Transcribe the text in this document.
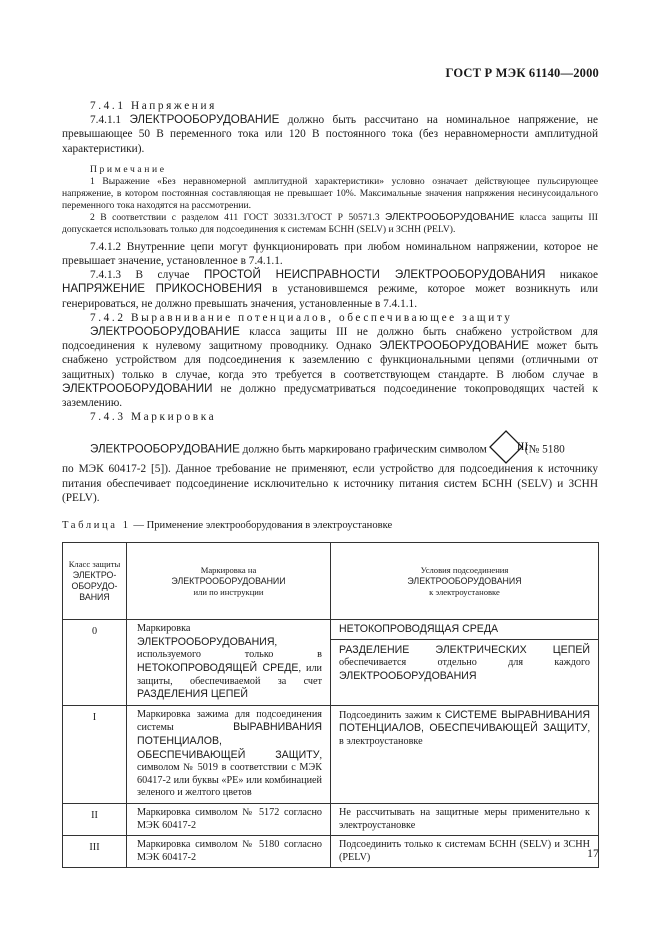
ГОСТ Р МЭК 61140—2000

7.4.1 Напряжения

7.4.1.1 ЭЛЕКТРООБОРУДОВАНИЕ должно быть рассчитано на номинальное напряжение, не превышающее 50 В переменного тока или 120 В постоянного тока (без неравномерности амплитудной характеристики).

Примечание

1 Выражение «Без неравномерной амплитудной характеристики» условно означает действующее пульсирующее напряжение, в котором постоянная составляющая не превышает 10%. Максимальные значения напряжения несинусоидального переменного тока находятся на рассмотрении.

2 В соответствии с разделом 411 ГОСТ 30331.3/ГОСТ Р 50571.3 ЭЛЕКТРООБОРУДОВАНИЕ класса защиты III допускается использовать только для подсоединения к системам БСНН (SELV) и ЗСНН (PELV).

7.4.1.2 Внутренние цепи могут функционировать при любом номинальном напряжении, которое не превышает значение, установленное в 7.4.1.1.

7.4.1.3 В случае ПРОСТОЙ НЕИСПРАВНОСТИ ЭЛЕКТРООБОРУДОВАНИЯ никакое НАПРЯЖЕНИЕ ПРИКОСНОВЕНИЯ в установившемся режиме, которое может возникнуть или генерироваться, не должно превышать значения, установленные в 7.4.1.1.

7.4.2 Выравнивание потенциалов, обеспечивающее защиту

ЭЛЕКТРООБОРУДОВАНИЕ класса защиты III не должно быть снабжено устройством для подсоединения к нулевому защитному проводнику. Однако ЭЛЕКТРООБОРУДОВАНИЕ может быть снабжено устройством для подсоединения к заземлению с функциональными цепями (отличными от защитных) только в случае, когда это требуется в соответствующем стандарте. В любом случае в ЭЛЕКТРООБОРУДОВАНИИ не должно предусматриваться подсоединение токопроводящих частей к заземлению.

7.4.3 Маркировка

ЭЛЕКТРООБОРУДОВАНИЕ должно быть маркировано графическим символом	III
(№ 5180

по МЭК 60417-2 [5]). Данное требование не применяют, если устройство для подсоединения к источнику питания обеспечивает подсоединение исключительно к источнику питания систем БСНН (SELV) и ЗСНН (PELV).

Таблица 1 — Применение электрооборудования в электроустановке

Класс защиты ЭЛЕКТРО-ОБОРУДО-ВАНИЯ	Маркировка на
ЭЛЕКТРООБОРУДОВАНИИ
или по инструкции	Условия подсоединения
ЭЛЕКТРООБОРУДОВАНИЯ
к электроустановке
0	Маркировка ЭЛЕКТРООБОРУДОВАНИЯ, используемого только в НЕТОКОПРОВОДЯЩЕЙ СРЕДЕ, или защиты, обеспечиваемой за счет РАЗДЕЛЕНИЯ ЦЕПЕЙ	НЕТОКОПРОВОДЯЩАЯ СРЕДА
РАЗДЕЛЕНИЕ ЭЛЕКТРИЧЕСКИХ ЦЕПЕЙ обеспечивается отдельно для каждого ЭЛЕКТРООБОРУДОВАНИЯ

I	Маркировка зажима для подсоединения системы ВЫРАВНИВАНИЯ ПОТЕНЦИАЛОВ, ОБЕСПЕЧИВАЮЩЕЙ ЗАЩИТУ, символом № 5019 в соответствии с МЭК 60417-2 или буквы «PE» или комбинацией зеленого и желтого цветов	Подсоединить зажим к СИСТЕМЕ ВЫРАВНИВАНИЯ ПОТЕНЦИАЛОВ, ОБЕСПЕЧИВАЮЩЕЙ ЗАЩИТУ, в электроустановке
II	Маркировка символом № 5172 согласно МЭК 60417-2	Не рассчитывать на защитные меры применительно к электроустановке
III	Маркировка символом № 5180 согласно МЭК 60417-2	Подсоединить только к системам БСНН (SELV) и ЗСНН (PELV)	17
